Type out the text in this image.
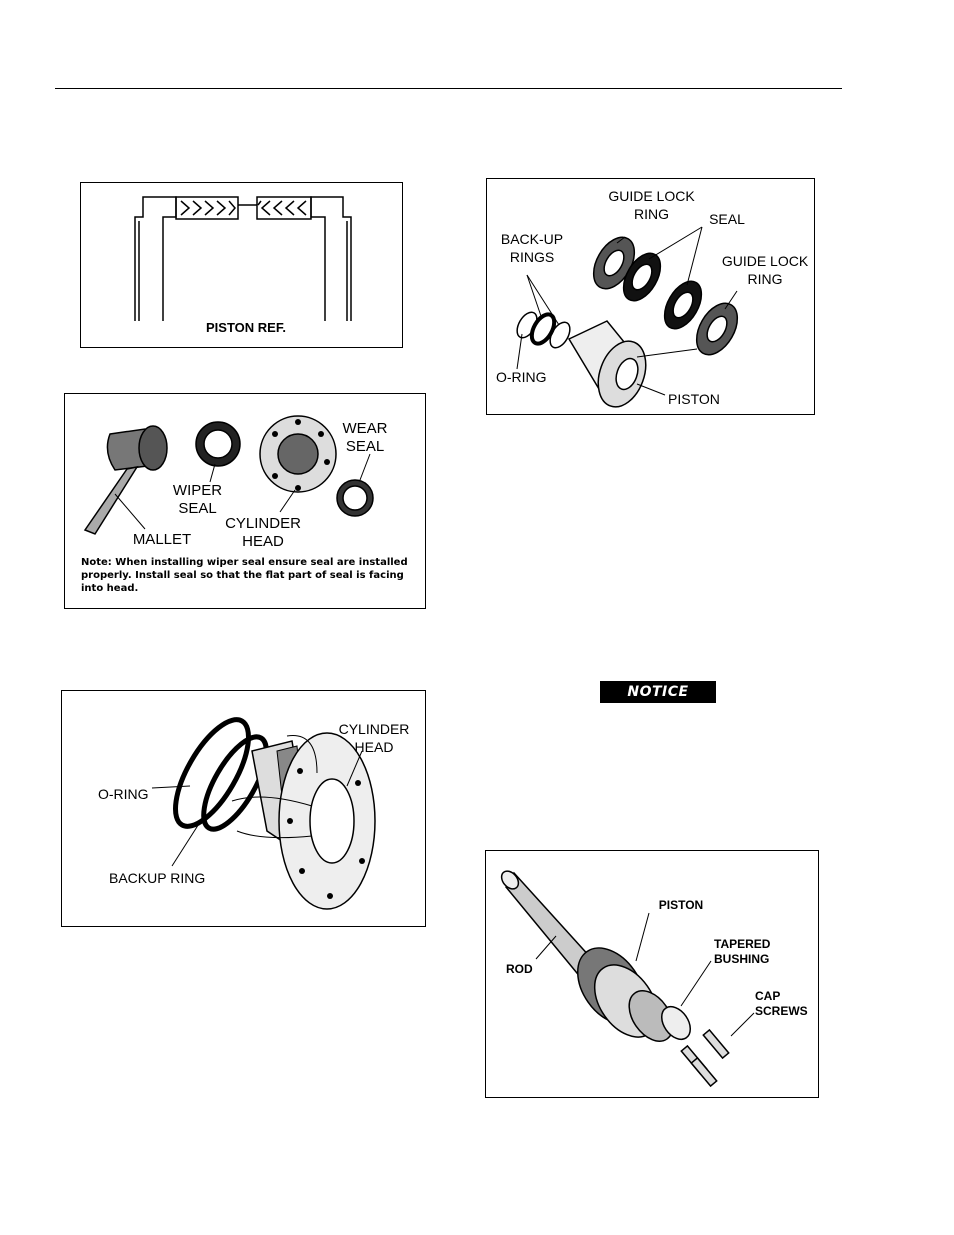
PISTON REF.
WEAR
SEAL
WIPER
SEAL
CYLINDER
HEAD
MALLET
Note: When installing wiper seal ensure seal are installed properly. Install seal so that the flat part of seal is facing into head.
CYLINDER
HEAD
O-RING
BACKUP RING
GUIDE LOCK
RING	SEAL
BACK-UP
RINGS	GUIDE LOCK
RING
O-RING
PISTON
NOTICE
PISTON
TAPERED
BUSHING
ROD
CAP
SCREWS
